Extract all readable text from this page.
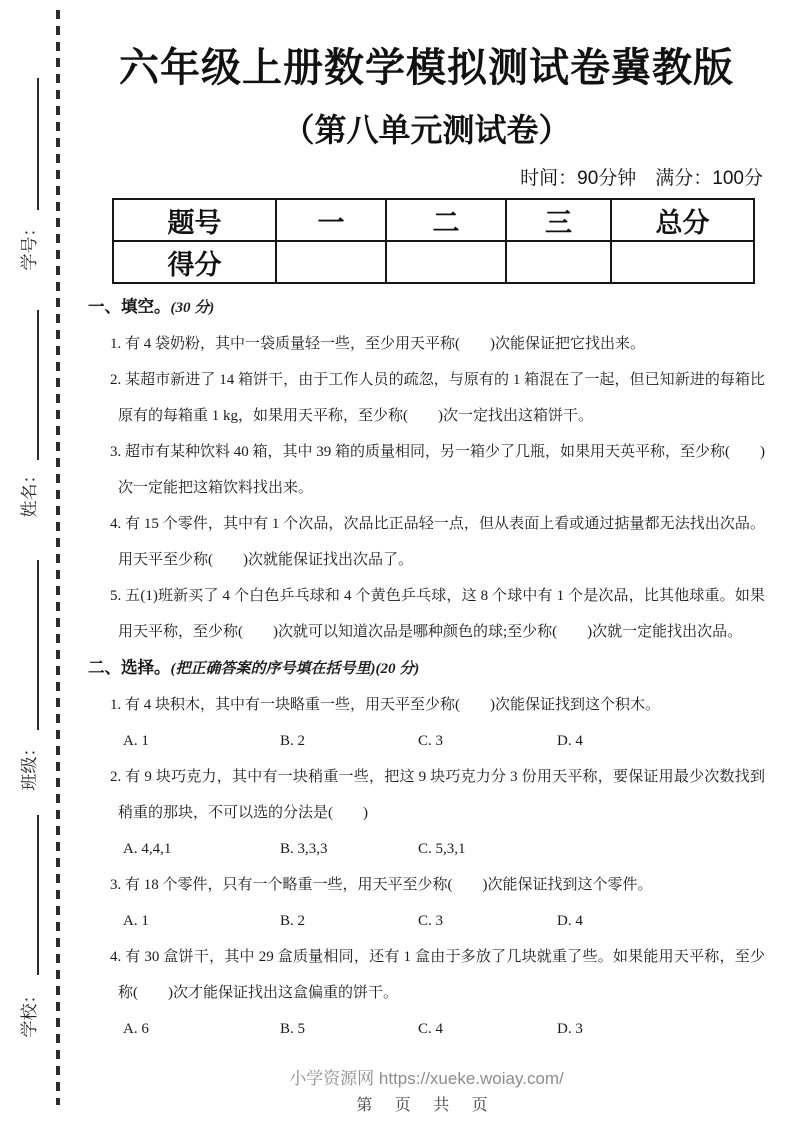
学号：
姓名：
班级：
学校：
六年级上册数学模拟测试卷冀教版
（第八单元测试卷）
时间：90分钟　满分：100分
题号	一	二	三	总分
得分				
一、填空。(30 分)
1. 有 4 袋奶粉，其中一袋质量轻一些，至少用天平称(　　)次能保证把它找出来。
2. 某超市新进了 14 箱饼干，由于工作人员的疏忽，与原有的 1 箱混在了一起，但已知新进的每箱比原有的每箱重 1 kg，如果用天平称，至少称(　　)次一定找出这箱饼干。
3. 超市有某种饮料 40 箱，其中 39 箱的质量相同，另一箱少了几瓶，如果用天英平称，至少称(　　)次一定能把这箱饮料找出来。
4. 有 15 个零件，其中有 1 个次品，次品比正品轻一点，但从表面上看或通过掂量都无法找出次品。用天平至少称(　　)次就能保证找出次品了。
5. 五(1)班新买了 4 个白色乒乓球和 4 个黄色乒乓球，这 8 个球中有 1 个是次品，比其他球重。如果用天平称，至少称(　　)次就可以知道次品是哪种颜色的球;至少称(　　)次就一定能找出次品。
二、选择。(把正确答案的序号填在括号里)(20 分)
1. 有 4 块积木，其中有一块略重一些，用天平至少称(　　)次能保证找到这个积木。
A. 1	B. 2	C. 3	D. 4
2. 有 9 块巧克力，其中有一块稍重一些，把这 9 块巧克力分 3 份用天平称，要保证用最少次数找到稍重的那块，不可以选的分法是(　　)
A. 4,4,1	B. 3,3,3	C. 5,3,1
3. 有 18 个零件，只有一个略重一些，用天平至少称(　　)次能保证找到这个零件。
A. 1	B. 2	C. 3	D. 4
4. 有 30 盒饼干，其中 29 盒质量相同，还有 1 盒由于多放了几块就重了些。如果能用天平称，至少称(　　)次才能保证找出这盒偏重的饼干。
A. 6	B. 5	C. 4	D. 3
小学资源网 https://xueke.woiay.com/
第 页 共 页
